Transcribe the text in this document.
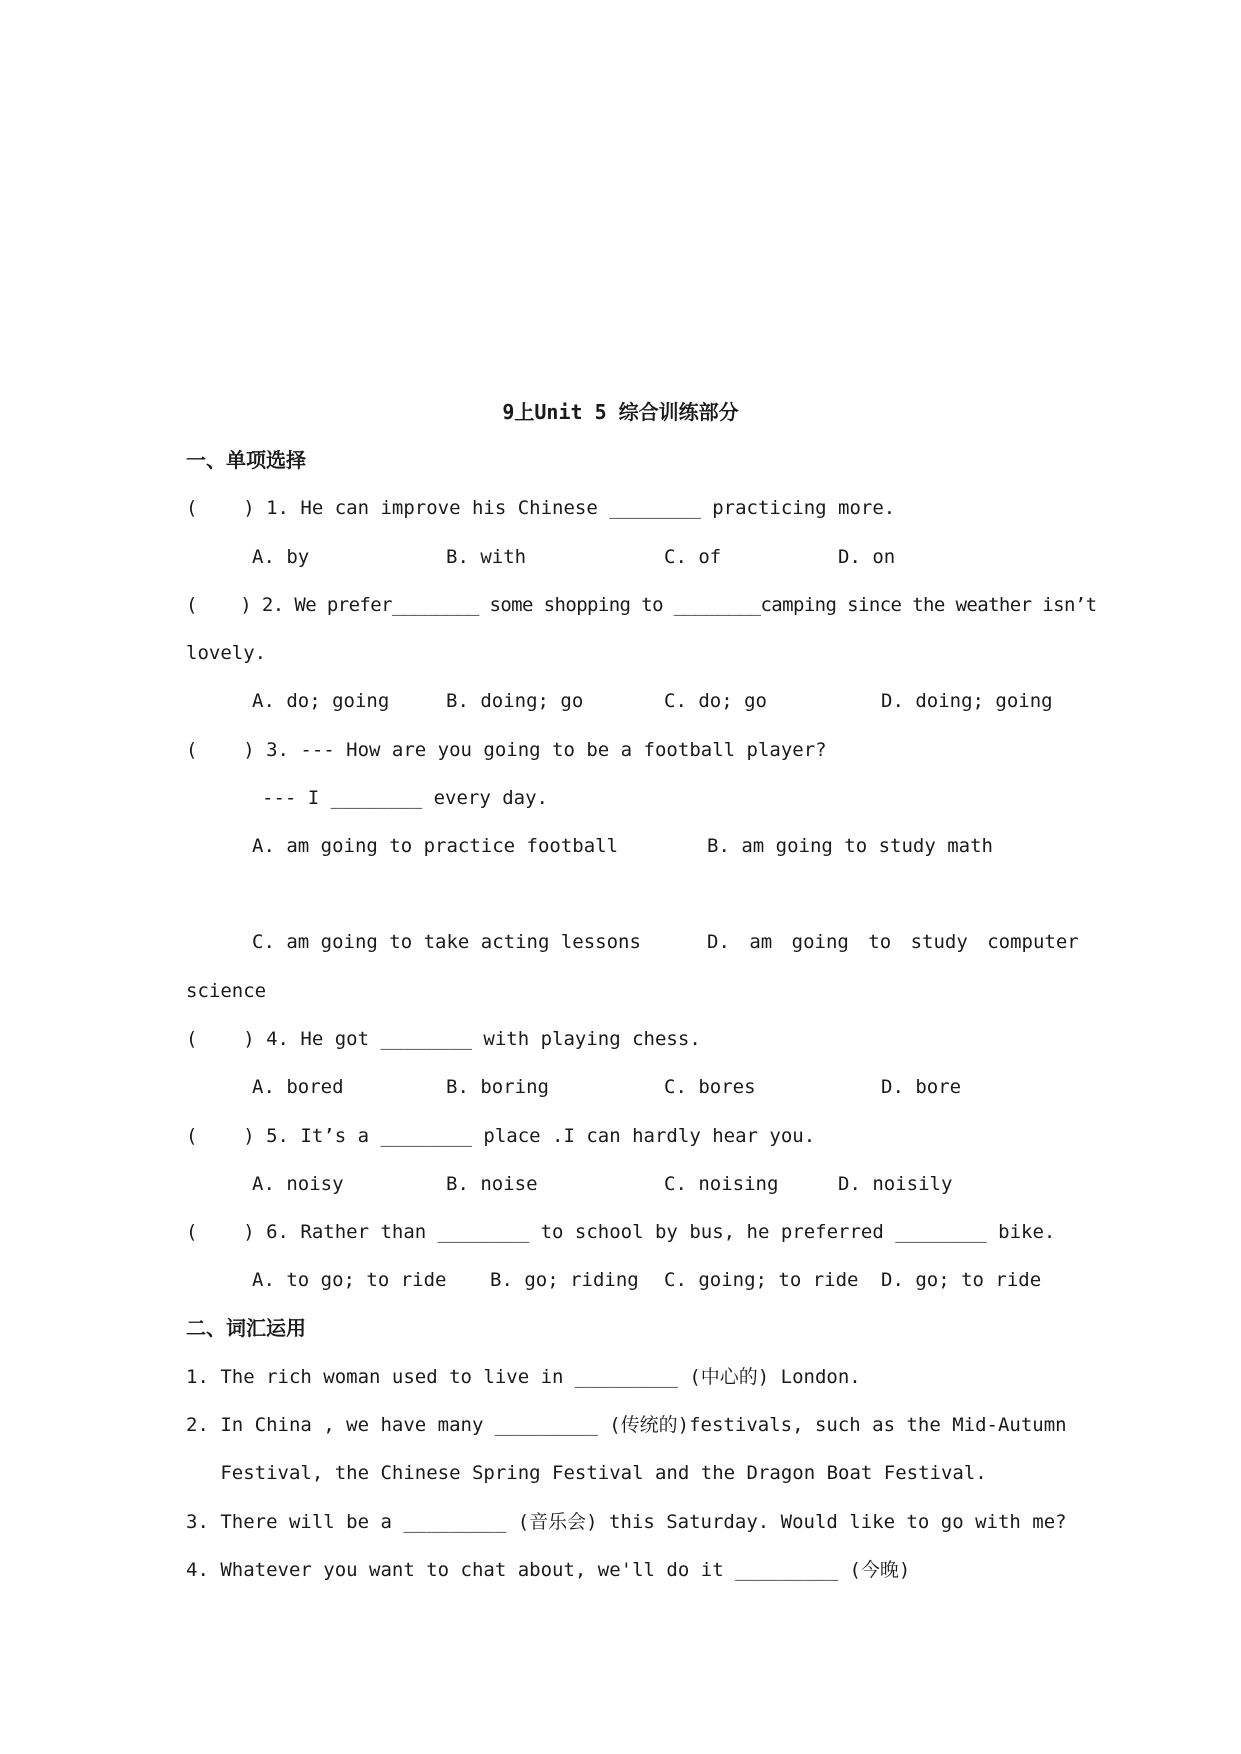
9上Unit 5 综合训练部分
一、单项选择
(    ) 1. He can improve his Chinese ________ practicing more.
A. by	B. with	C. of	D. on
(    ) 2. We prefer________ some shopping to ________camping since the weather isn’t
lovely.
A. do; going	B. doing; go	C. do; go	D. doing; going
(    ) 3. --- How are you going to be a football player?
--- I ________ every day.
A. am going to practice football	B. am going to study math
C. am going to take acting lessons	D. am going to study computer
science
(    ) 4. He got ________ with playing chess.
A. bored	B. boring	C. bores	D. bore
(    ) 5. It’s a ________ place .I can hardly hear you.
A. noisy	B. noise	C. noising	D. noisily
(    ) 6. Rather than ________ to school by bus, he preferred ________ bike.
A. to go; to ride B. go; riding C. going; to ride D. go; to ride
二、词汇运用
1. The rich woman used to live in _________ (中心的) London.
2. In China , we have many _________ (传统的)festivals, such as the Mid-Autumn
Festival, the Chinese Spring Festival and the Dragon Boat Festival.
3. There will be a _________ (音乐会) this Saturday. Would like to go with me?
4. Whatever you want to chat about, we'll do it _________ (今晚)
